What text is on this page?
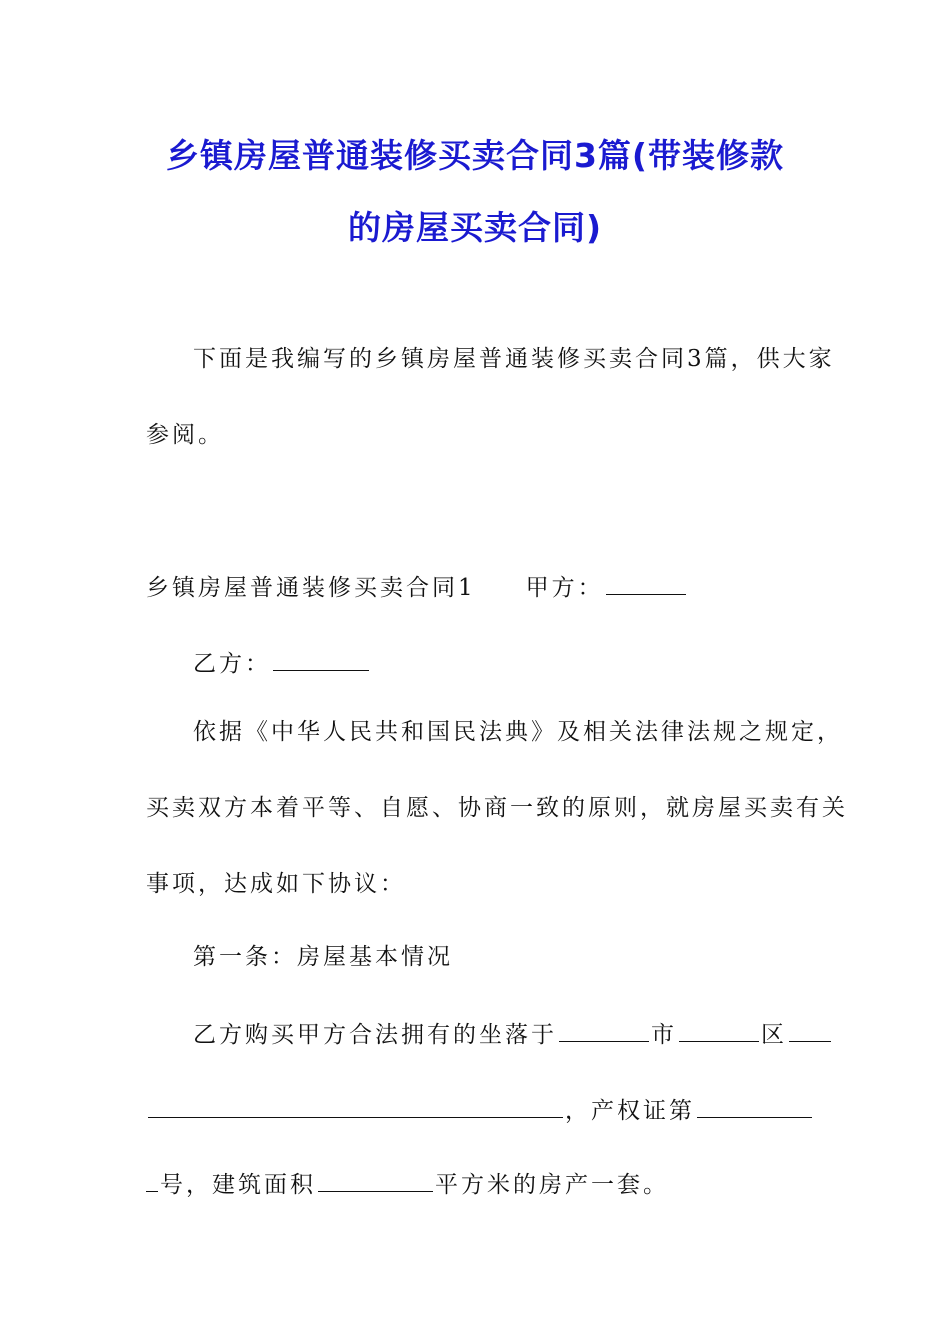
乡镇房屋普通装修买卖合同3篇(带装修款
的房屋买卖合同)
下面是我编写的乡镇房屋普通装修买卖合同3篇，供大家
参阅。
乡镇房屋普通装修买卖合同1 甲方：
乙方：
依据《中华人民共和国民法典》及相关法律法规之规定，
买卖双方本着平等、自愿、协商一致的原则，就房屋买卖有关
事项，达成如下协议：
第一条：房屋基本情况
乙方购买甲方合法拥有的坐落于	市	区
，产权证第
号，建筑面积	平方米的房产一套。
